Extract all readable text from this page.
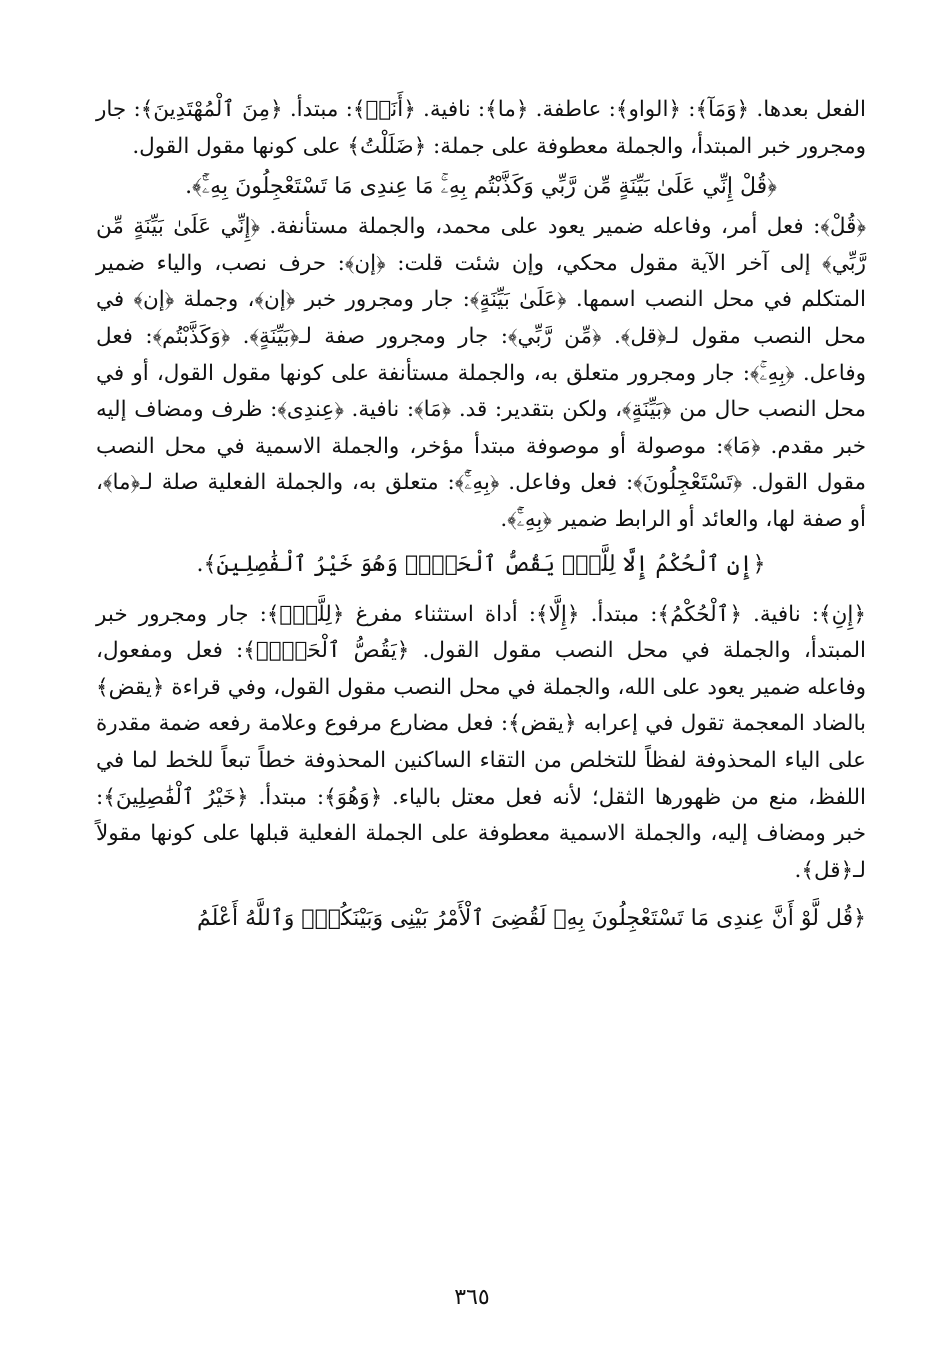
الفعل بعدها. ﴿وَمَآ﴾: ﴿الواو﴾: عاطفة. ﴿ما﴾: نافية. ﴿أَنَا۠﴾: مبتدأ. ﴿مِنَ ٱلْمُهْتَدِينَ﴾: جار ومجرور خبر المبتدأ، والجملة معطوفة على جملة: ﴿ضَلَلْتُ﴾ على كونها مقول القول.

﴿قُلْ إِنِّي عَلَىٰ بَيِّنَةٍ مِّن رَّبِّي وَكَذَّبْتُم بِهِۦۚ مَا عِندِى مَا تَسْتَعْجِلُونَ بِهِۦٓۚ﴾.

﴿قُلْ﴾: فعل أمر، وفاعله ضمير يعود على محمد، والجملة مستأنفة. ﴿إِنِّي عَلَىٰ بَيِّنَةٍ مِّن رَّبِّي﴾ إلى آخر الآية مقول محكي، وإن شئت قلت: ﴿إن﴾: حرف نصب، والياء ضمير المتكلم في محل النصب اسمها. ﴿عَلَىٰ بَيِّنَةٍ﴾: جار ومجرور خبر ﴿إن﴾، وجملة ﴿إن﴾ في محل النصب مقول لـ﴿قل﴾. ﴿مِّن رَّبِّي﴾: جار ومجرور صفة لـ﴿بَيِّنَةٍ﴾. ﴿وَكَذَّبْتُم﴾: فعل وفاعل. ﴿بِهِۦۚ﴾: جار ومجرور متعلق به، والجملة مستأنفة على كونها مقول القول، أو في محل النصب حال من ﴿بَيِّنَةٍ﴾، ولكن بتقدير: قد. ﴿مَا﴾: نافية. ﴿عِندِى﴾: ظرف ومضاف إليه خبر مقدم. ﴿مَا﴾: موصولة أو موصوفة مبتدأ مؤخر، والجملة الاسمية في محل النصب مقول القول. ﴿تَسْتَعْجِلُونَ﴾: فعل وفاعل. ﴿بِهِۦٓۚ﴾: متعلق به، والجملة الفعلية صلة لـ﴿ما﴾، أو صفة لها، والعائد أو الرابط ضمير ﴿بِهِۦٓۚ﴾.

﴿إِنِ ٱلْحُكْمُ إِلَّا لِلَّهِۖ يَقُصُّ ٱلْحَقَّۖ وَهُوَ خَيْرُ ٱلْفَٰصِلِينَ﴾.

﴿إِنِ﴾: نافية. ﴿ٱلْحُكْمُ﴾: مبتدأ. ﴿إِلَّا﴾: أداة استثناء مفرغ ﴿لِلَّهِۖ﴾: جار ومجرور خبر المبتدأ، والجملة في محل النصب مقول القول. ﴿يَقُصُّ ٱلْحَقَّۖ﴾: فعل ومفعول، وفاعله ضمير يعود على الله، والجملة في محل النصب مقول القول، وفي قراءة ﴿يقض﴾ بالضاد المعجمة تقول في إعرابه ﴿يقض﴾: فعل مضارع مرفوع وعلامة رفعه ضمة مقدرة على الياء المحذوفة لفظاً للتخلص من التقاء الساكنين المحذوفة خطاً تبعاً للخط لما في اللفظ، منع من ظهورها الثقل؛ لأنه فعل معتل بالياء. ﴿وَهُوَ﴾: مبتدأ. ﴿خَيْرُ ٱلْفَٰصِلِينَ﴾: خبر ومضاف إليه، والجملة الاسمية معطوفة على الجملة الفعلية قبلها على كونها مقولاً لـ﴿قل﴾.

﴿قُل لَّوْ أَنَّ عِندِى مَا تَسْتَعْجِلُونَ بِهِۦ لَقُضِىَ ٱلْأَمْرُ بَيْنِى وَبَيْنَكُمْۗ وَٱللَّهُ أَعْلَمُ

٣٦٥
